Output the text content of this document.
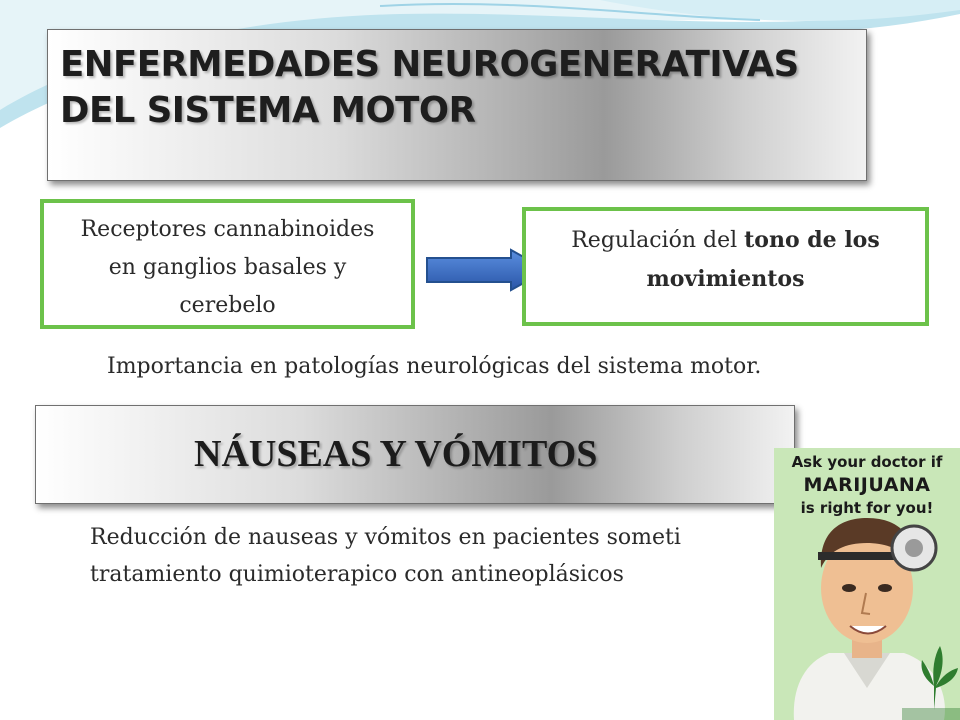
ENFERMEDADES NEUROGENERATIVAS DEL SISTEMA MOTOR
Receptores cannabinoides en ganglios basales y cerebelo
Regulación del tono de los movimientos
Importancia en patologías neurológicas del sistema motor.
NÁUSEAS Y VÓMITOS
Reducción de nauseas y vómitos en pacientes someti tratamiento quimioterapico con antineoplásicos
Ask your doctor if
MARIJUANA
is right for you!
